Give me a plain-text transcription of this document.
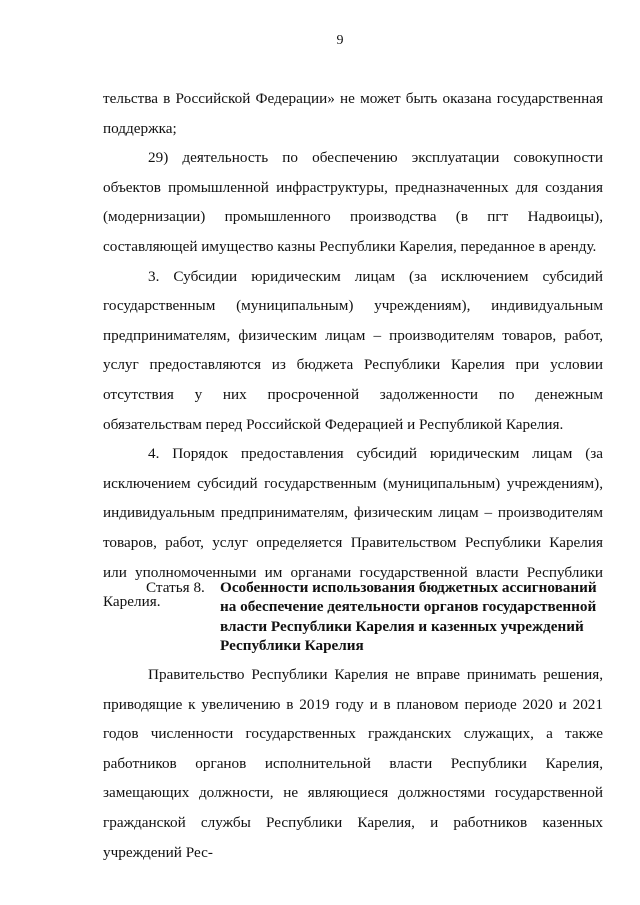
9

тельства в Российской Федерации» не может быть оказана государственная поддержка;

29) деятельность по обеспечению эксплуатации совокупности объектов промышленной инфраструктуры, предназначенных для создания (модернизации) промышленного производства (в пгт Надвоицы), составляющей имущество казны Республики Карелия, переданное в аренду.

3. Субсидии юридическим лицам (за исключением субсидий государственным (муниципальным) учреждениям), индивидуальным предпринимателям, физическим лицам – производителям товаров, работ, услуг предоставляются из бюджета Республики Карелия при условии отсутствия у них просроченной задолженности по денежным обязательствам перед Российской Федерацией и Республикой Карелия.

4. Порядок предоставления субсидий юридическим лицам (за исключением субсидий государственным (муниципальным) учреждениям), индивидуальным предпринимателям, физическим лицам – производителям товаров, работ, услуг определяется Правительством Республики Карелия или уполномоченными им органами государственной власти Республики Карелия.

Статья 8. Особенности использования бюджетных ассигнований на обеспечение деятельности органов государственной власти Республики Карелия и казенных учреждений Республики Карелия

Правительство Республики Карелия не вправе принимать решения, приводящие к увеличению в 2019 году и в плановом периоде 2020 и 2021 годов численности государственных гражданских служащих, а также работников органов исполнительной власти Республики Карелия, замещающих должности, не являющиеся должностями государственной гражданской службы Республики Карелия, и работников казенных учреждений Рес-
